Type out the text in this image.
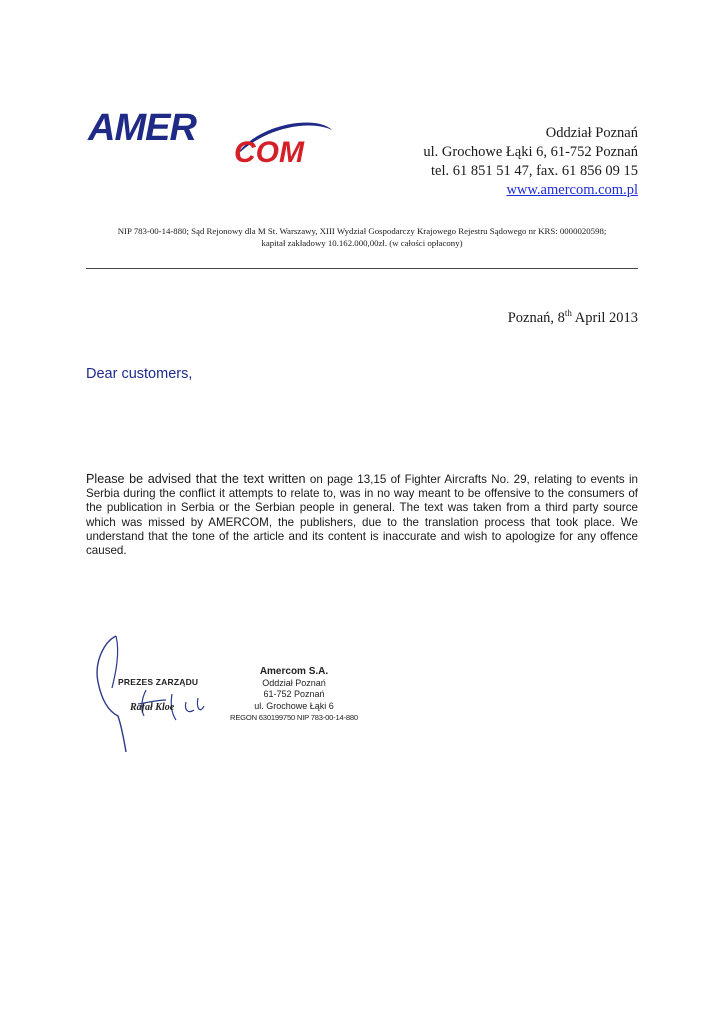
AMER
COM
Oddział Poznań
ul. Grochowe Łąki 6, 61-752 Poznań
tel. 61 851 51 47, fax. 61 856 09 15
www.amercom.com.pl
NIP 783-00-14-880; Sąd Rejonowy dla M St. Warszawy, XIII Wydział Gospodarczy Krajowego Rejestru Sądowego nr KRS: 0000020598;
kapitał zakładowy 10.162.000,00zł. (w całości opłacony)
Poznań, 8th April 2013
Dear customers,
Please be advised that the text written on page 13,15 of Fighter Aircrafts No. 29, relating to events in Serbia during the conflict it attempts to relate to, was in no way meant to be offensive to the consumers of the publication in Serbia or the Serbian people in general. The text was taken from a third party source which was missed by AMERCOM, the publishers, due to the translation process that took place. We understand that the tone of the article and its content is inaccurate and wish to apologize for any offence caused.
PREZES ZARZĄDU
Rafał Kloe
Amercom S.A.
Oddział Poznań
61-752 Poznań
ul. Grochowe Łąki 6
REGON 630199750 NIP 783-00-14-880
